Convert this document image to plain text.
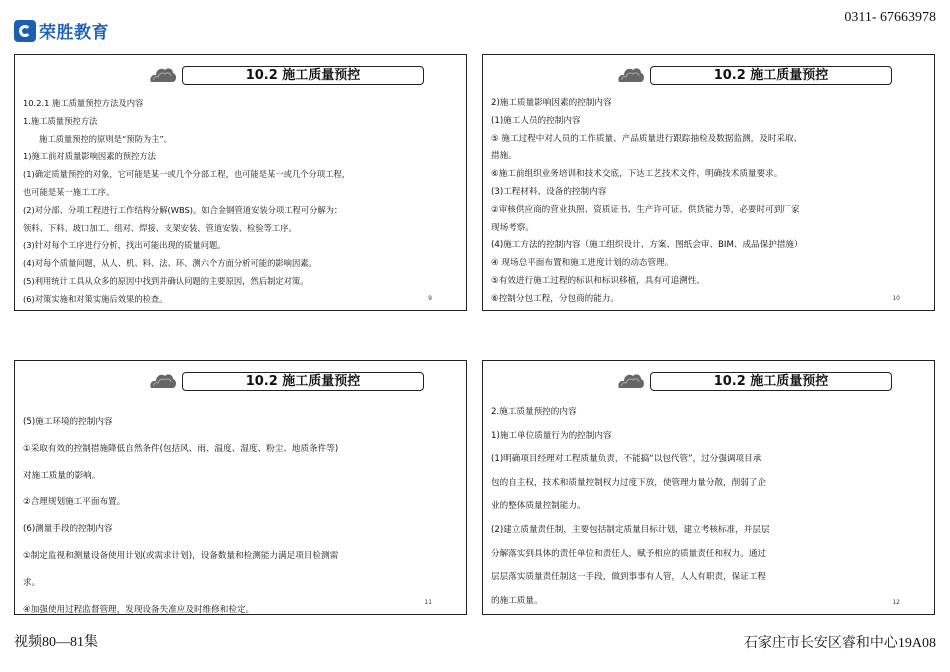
荣胜教育
0311- 67663978
10.2 施工质量预控
10.2.1 施工质量预控方法及内容
1.施工质量预控方法
施工质量预控的原则是“预防为主”。
1)施工前对质量影响因素的预控方法
(1)确定质量预控的对象，它可能是某一或几个分部工程，也可能是某一或几个分项工程，
也可能是某一施工工序。
(2)对分部、分项工程进行工作结构分解(WBS)。如合金钢管道安装分项工程可分解为：
领料、下料、坡口加工、组对、焊接、支架安装、管道安装、检验等工序。
(3)针对每个工序进行分析，找出可能出现的质量问题。
(4)对每个质量问题，从人、机、料、法、环、测六个方面分析可能的影响因素。
(5)利用统计工具从众多的原因中找到并确认问题的主要原因，然后制定对策。
(6)对策实施和对策实施后效果的检查。	9
10.2 施工质量预控
2)施工质量影响因素的控制内容
(1)施工人员的控制内容
⑤ 施工过程中对人员的工作质量、产品质量进行跟踪抽检及数据监测，及时采取、
措施。
⑥施工前组织业务培训和技术交底，下达工艺技术文件，明确技术质量要求。
(3)工程材料、设备的控制内容
②审核供应商的营业执照、资质证书、生产许可证、供货能力等，必要时可到厂家
现场考察。
(4)施工方法的控制内容（施工组织设计、方案、图纸会审、BIM、成品保护措施）
④ 现场总平面布置和施工进度计划的动态管理。
⑤有效进行施工过程的标识和标识移植，具有可追溯性。
⑥控制分包工程，分包商的能力。	10
10.2 施工质量预控
(5)施工环境的控制内容
①采取有效的控制措施降低自然条件(包括风、雨、温度、湿度、粉尘、地质条件等)
对施工质量的影响。
②合理规划施工平面布置。
(6)测量手段的控制内容
①制定监视和测量设备使用计划(或需求计划)，设备数量和检测能力满足项目检测需
求。
④加强使用过程监督管理，发现设备失准应及时维修和检定。
11
10.2 施工质量预控
2.施工质量预控的内容
1)施工单位质量行为的控制内容
(1)明确项目经理对工程质量负责，不能搞“以包代管”，过分强调项目承
包的自主权，技术和质量控制权力过度下放，使管理力量分散，削弱了企
业的整体质量控制能力。
(2)建立质量责任制，主要包括制定质量目标计划，建立考核标准，并层层
分解落实到具体的责任单位和责任人，赋予相应的质量责任和权力。通过
层层落实质量责任制这一手段，做到事事有人管，人人有职责，保证工程
的施工质量。	12
视频80—81集	石家庄市长安区睿和中心19A08
